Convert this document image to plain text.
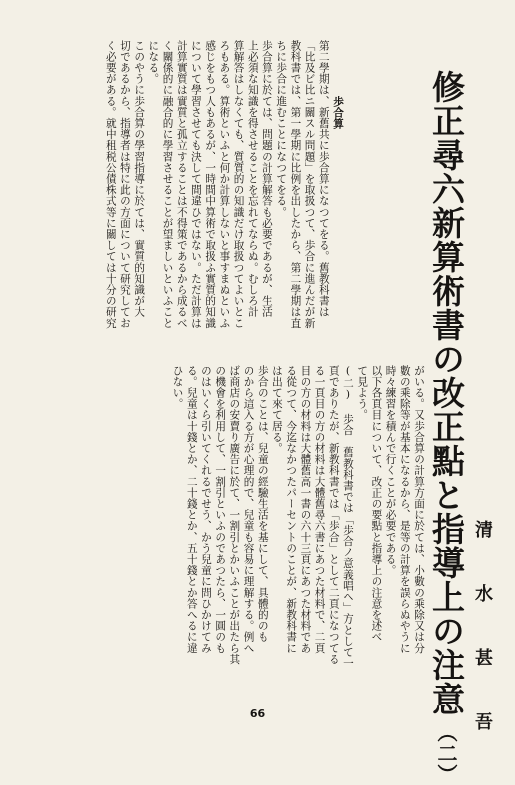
修正尋六新算術書の改正點と指導上の注意（二）
清　水　甚　吾
がいる。又歩合算の計算方面に於ては、小數の乘除又は分
數の乘除等が基本になるから、是等の計算を誤らぬやうに
時々練習を積んで行くことが必要である。
以下各頁目について、改正の要點と指導上の注意を述べ
て見よう。
(二) 歩合　舊教科書では「歩合ノ意義唱ヘ」方として一
頁でありたが、新教科書では「歩合」として二頁になつてる
る一頁目の方の材料は大體舊尋六書にあつた材料で、二頁
目の方の材料は大體舊高一書の六十三頁にあつた材料であ
る從つて、今迄なかつたパーセントのことが、新教科書に
は出て來て居る。
歩合のことは、兒童の經驗生活を基にして、具體的のも
のから這入る方が心理的で、兒童も容易に理解する。例へ
ば商店の安賣り廣告に於て、一割引とかいふことが出たら其
の機會を利用して、一割引といふのであつたら、一圓のも
のはいくら引いてくれるでせう、かう兒童に問ひかけてみ
る。兒童は十錢とか、二十錢とか、五十錢とか答へるに違
ひない。
歩合算
第二學期は、新舊共に歩合算になつてをる。舊教科書は
「比及ビ比ニ關スル問題」を取扱つて、歩合に進んだが新
教科書では、第一學期に比例を出したから、第二學期は直
ちに歩合に進むことになつてをる。
歩合算に於ては、問題の計算解答も必要であるが、生活
上必須な知識を得させることを忘れてならぬ。むしろ計
算解答はしなくても、質質的の知識だけ取扱つてよいとこ
ろもある。算術といふと何か計算しないと事すまぬといふ
感じをもつ人もあるが、一時間中算術で取扱ふ實質的知識
について學習させても決して間違ひではない。ただ計算は
計算實質は實質と孤立することは不得策であるから成るべ
く關係的に融合的に學習させることが望ましいといふこと
になる。
このやうに歩合算の學習指導に於ては、實質的知識が大
切であるから、指導者は特に此の方面について研究してお
く必要がある。就中租税公債株式等に關しては十分の研究
66
